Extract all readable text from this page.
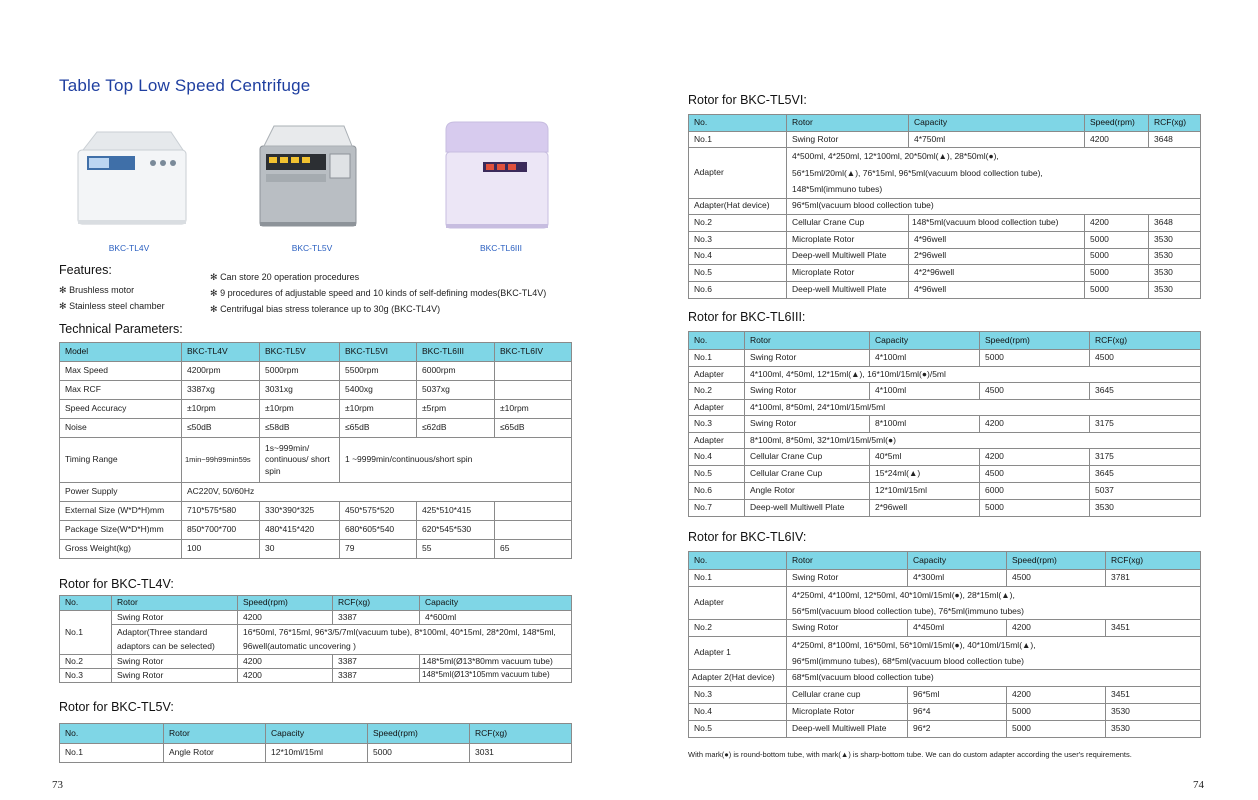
Table Top Low Speed Centrifuge
BKC-TL4V	BKC-TL5V	BKC-TL6III
Features:
✻ Brushless motor
✻ Stainless steel chamber
✻ Can store 20 operation procedures
✻ 9 procedures of adjustable speed and 10 kinds of self-defining modes(BKC-TL4V)
✻ Centrifugal bias stress tolerance up to 30g (BKC-TL4V)
Technical Parameters:
Model	BKC-TL4V	BKC-TL5V	BKC-TL5VI	BKC-TL6III	BKC-TL6IV
Max Speed	4200rpm	5000rpm	5500rpm	6000rpm	
Max RCF	3387xg	3031xg	5400xg	5037xg	
Speed Accuracy	±10rpm	±10rpm	±10rpm	±5rpm	±10rpm
Noise	≤50dB	≤58dB	≤65dB	≤62dB	≤65dB
Timing Range	1min~99h99min59s	1s~999min/ continuous/ short spin	1 ~9999min/continuous/short spin		
Power Supply	AC220V, 50/60Hz				
External Size (W*D*H)mm	710*575*580	330*390*325	450*575*520	425*510*415	
Package Size(W*D*H)mm	850*700*700	480*415*420	680*605*540	620*545*530	
Gross Weight(kg)	100	30	79	55	65
Rotor for BKC-TL4V:
No.	Rotor	Speed(rpm)	RCF(xg)	Capacity
No.1	Swing Rotor	4200	3387	4*600ml
	Adaptor(Three standard adaptors can be selected)	16*50ml, 76*15ml, 96*3/5/7ml(vacuum tube), 8*100ml, 40*15ml, 28*20ml, 148*5ml, 96well(automatic uncovering )		
No.2	Swing Rotor	4200	3387	148*5ml(Ø13*80mm vacuum tube)
No.3	Swing Rotor	4200	3387	148*5ml(Ø13*105mm vacuum tube)
Rotor for BKC-TL5V:
No.	Rotor	Capacity	Speed(rpm)	RCF(xg)
No.1	Angle Rotor	12*10ml/15ml	5000	3031
73
Rotor for BKC-TL5VI:
No.	Rotor	Capacity	Speed(rpm)	RCF(xg)
No.1	Swing Rotor	4*750ml	4200	3648
Adapter	4*500ml, 4*250ml, 12*100ml, 20*50ml(▲), 28*50ml(●),
56*15ml/20ml(▲), 76*15ml, 96*5ml(vacuum blood collection tube),
148*5ml(immuno tubes)			

Adapter(Hat device)	96*5ml(vacuum blood collection tube)			
No.2	Cellular Crane Cup	148*5ml(vacuum blood collection tube)	4200	3648
No.3	Microplate Rotor	4*96well	5000	3530
No.4	Deep-well Multiwell Plate	2*96well	5000	3530
No.5	Microplate Rotor	4*2*96well	5000	3530
No.6	Deep-well Multiwell Plate	4*96well	5000	3530
Rotor for BKC-TL6III:
No.	Rotor	Capacity	Speed(rpm)	RCF(xg)
No.1	Swing Rotor	4*100ml	5000	4500
Adapter	4*100ml, 4*50ml, 12*15ml(▲), 16*10ml/15ml(●)/5ml			
No.2	Swing Rotor	4*100ml	4500	3645
Adapter	4*100ml, 8*50ml, 24*10ml/15ml/5ml			
No.3	Swing Rotor	8*100ml	4200	3175
Adapter	8*100ml, 8*50ml, 32*10ml/15ml/5ml(●)			
No.4	Cellular Crane Cup	40*5ml	4200	3175
No.5	Cellular Crane Cup	15*24ml(▲)	4500	3645
No.6	Angle Rotor	12*10ml/15ml	6000	5037
No.7	Deep-well Multiwell Plate	2*96well	5000	3530
Rotor for BKC-TL6IV:
No.	Rotor	Capacity	Speed(rpm)	RCF(xg)
No.1	Swing Rotor	4*300ml	4500	3781
Adapter	4*250ml, 4*100ml, 12*50ml, 40*10ml/15ml(●), 28*15ml(▲),
56*5ml(vacuum blood collection tube), 76*5ml(immuno tubes)			

No.2	Swing Rotor	4*450ml	4200	3451
Adapter 1	4*250ml, 8*100ml, 16*50ml, 56*10ml/15ml(●), 40*10ml/15ml(▲),
96*5ml(immuno tubes), 68*5ml(vacuum blood collection tube)			

Adapter 2(Hat device)	68*5ml(vacuum blood collection tube)			
No.3	Cellular crane cup	96*5ml	4200	3451
No.4	Microplate Rotor	96*4	5000	3530
No.5	Deep-well Multiwell Plate	96*2	5000	3530
With mark(●) is round-bottom tube, with mark(▲) is sharp-bottom tube. We can do custom adapter according the user's requirements.
74
